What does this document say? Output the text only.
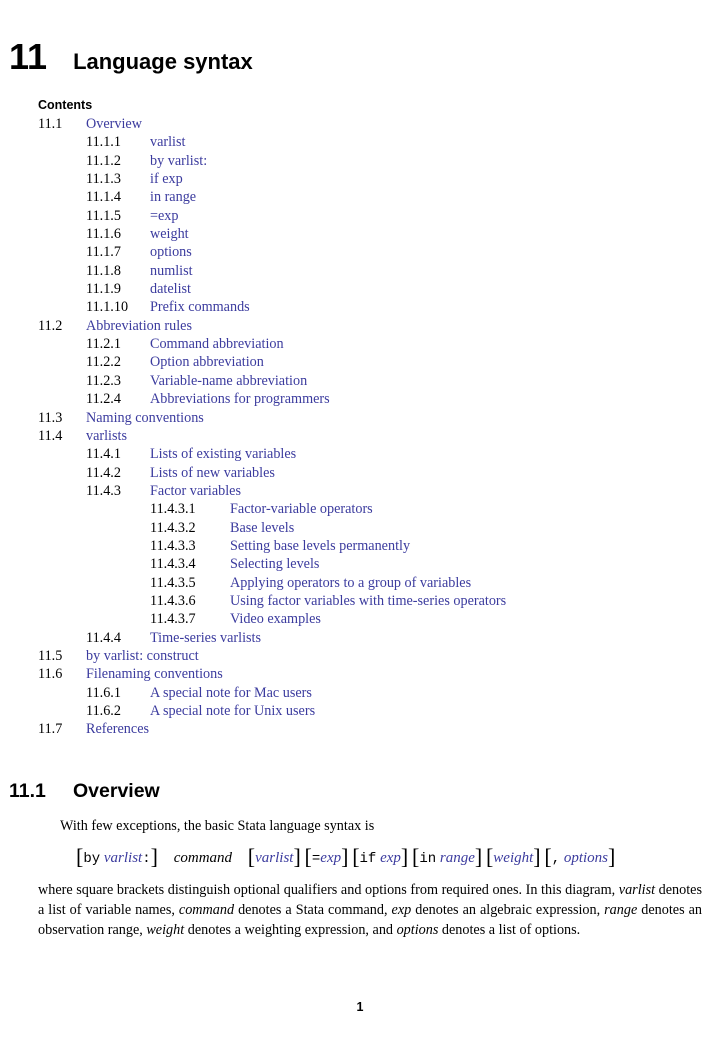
11 Language syntax
Contents
11.1 Overview
11.1.1 varlist
11.1.2 by varlist:
11.1.3 if exp
11.1.4 in range
11.1.5 =exp
11.1.6 weight
11.1.7 options
11.1.8 numlist
11.1.9 datelist
11.1.10 Prefix commands
11.2 Abbreviation rules
11.2.1 Command abbreviation
11.2.2 Option abbreviation
11.2.3 Variable-name abbreviation
11.2.4 Abbreviations for programmers
11.3 Naming conventions
11.4 varlists
11.4.1 Lists of existing variables
11.4.2 Lists of new variables
11.4.3 Factor variables
11.4.3.1 Factor-variable operators
11.4.3.2 Base levels
11.4.3.3 Setting base levels permanently
11.4.3.4 Selecting levels
11.4.3.5 Applying operators to a group of variables
11.4.3.6 Using factor variables with time-series operators
11.4.3.7 Video examples
11.4.4 Time-series varlists
11.5 by varlist: construct
11.6 Filenaming conventions
11.6.1 A special note for Mac users
11.6.2 A special note for Unix users
11.7 References
11.1 Overview
With few exceptions, the basic Stata language syntax is
[by varlist:] command [varlist] [=exp] [if exp] [in range] [weight] [, options]

where square brackets distinguish optional qualifiers and options from required ones. In this diagram, varlist denotes a list of variable names, command denotes a Stata command, exp denotes an algebraic expression, range denotes an observation range, weight denotes a weighting expression, and options denotes a list of options.

1
